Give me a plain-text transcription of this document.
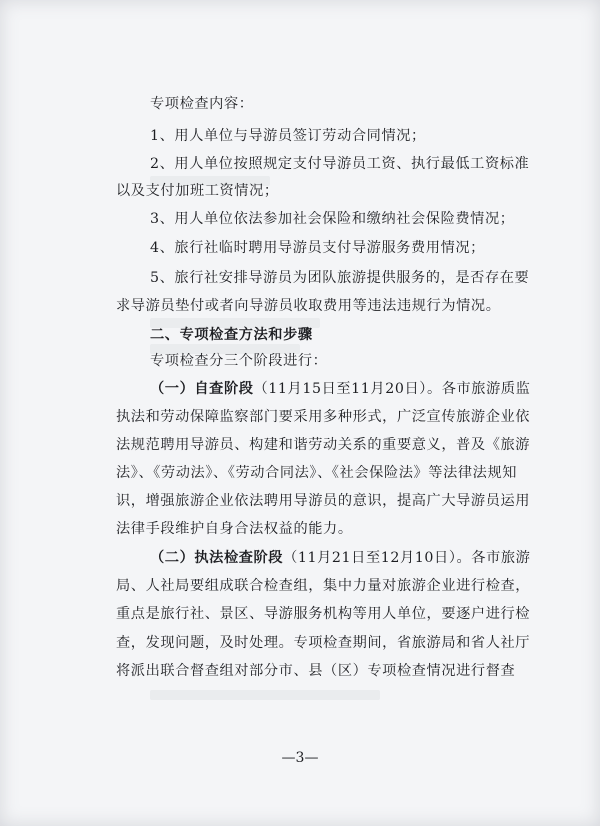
专项检查内容：
1、用人单位与导游员签订劳动合同情况；
2、用人单位按照规定支付导游员工资、执行最低工资标准
以及支付加班工资情况；
3、用人单位依法参加社会保险和缴纳社会保险费情况；
4、旅行社临时聘用导游员支付导游服务费用情况；
5、旅行社安排导游员为团队旅游提供服务的，是否存在要
求导游员垫付或者向导游员收取费用等违法违规行为情况。
二、专项检查方法和步骤
专项检查分三个阶段进行：
（一）自查阶段（11月15日至11月20日）。各市旅游质监
执法和劳动保障监察部门要采用多种形式，广泛宣传旅游企业依
法规范聘用导游员、构建和谐劳动关系的重要意义，普及《旅游
法》、《劳动法》、《劳动合同法》、《社会保险法》等法律法规知
识，增强旅游企业依法聘用导游员的意识，提高广大导游员运用
法律手段维护自身合法权益的能力。
（二）执法检查阶段（11月21日至12月10日）。各市旅游
局、人社局要组成联合检查组，集中力量对旅游企业进行检查，
重点是旅行社、景区、导游服务机构等用人单位，要逐户进行检
查，发现问题，及时处理。专项检查期间，省旅游局和省人社厅
将派出联合督查组对部分市、县（区）专项检查情况进行督查
—3—
